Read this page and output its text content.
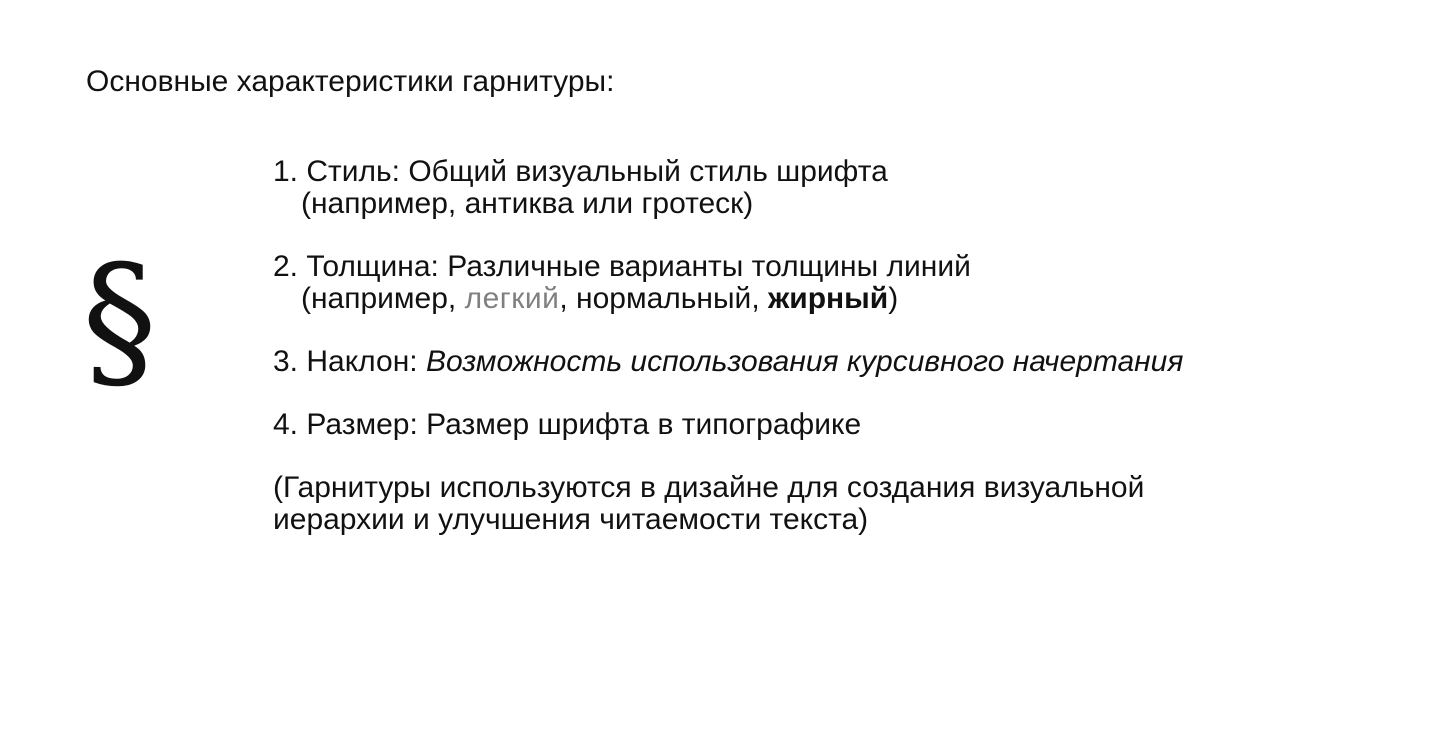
Основные характеристики гарнитуры:
§
1. Стиль: Общий визуальный стиль шрифта
(например, антиква или гротеск)
2. Толщина: Различные варианты толщины линий
(например, легкий, нормальный, жирный)
3. Наклон: Возможность использования курсивного начертания
4. Размер: Размер шрифта в типографике
(Гарнитуры используются в дизайне для создания визуальной
иерархии и улучшения читаемости текста)
